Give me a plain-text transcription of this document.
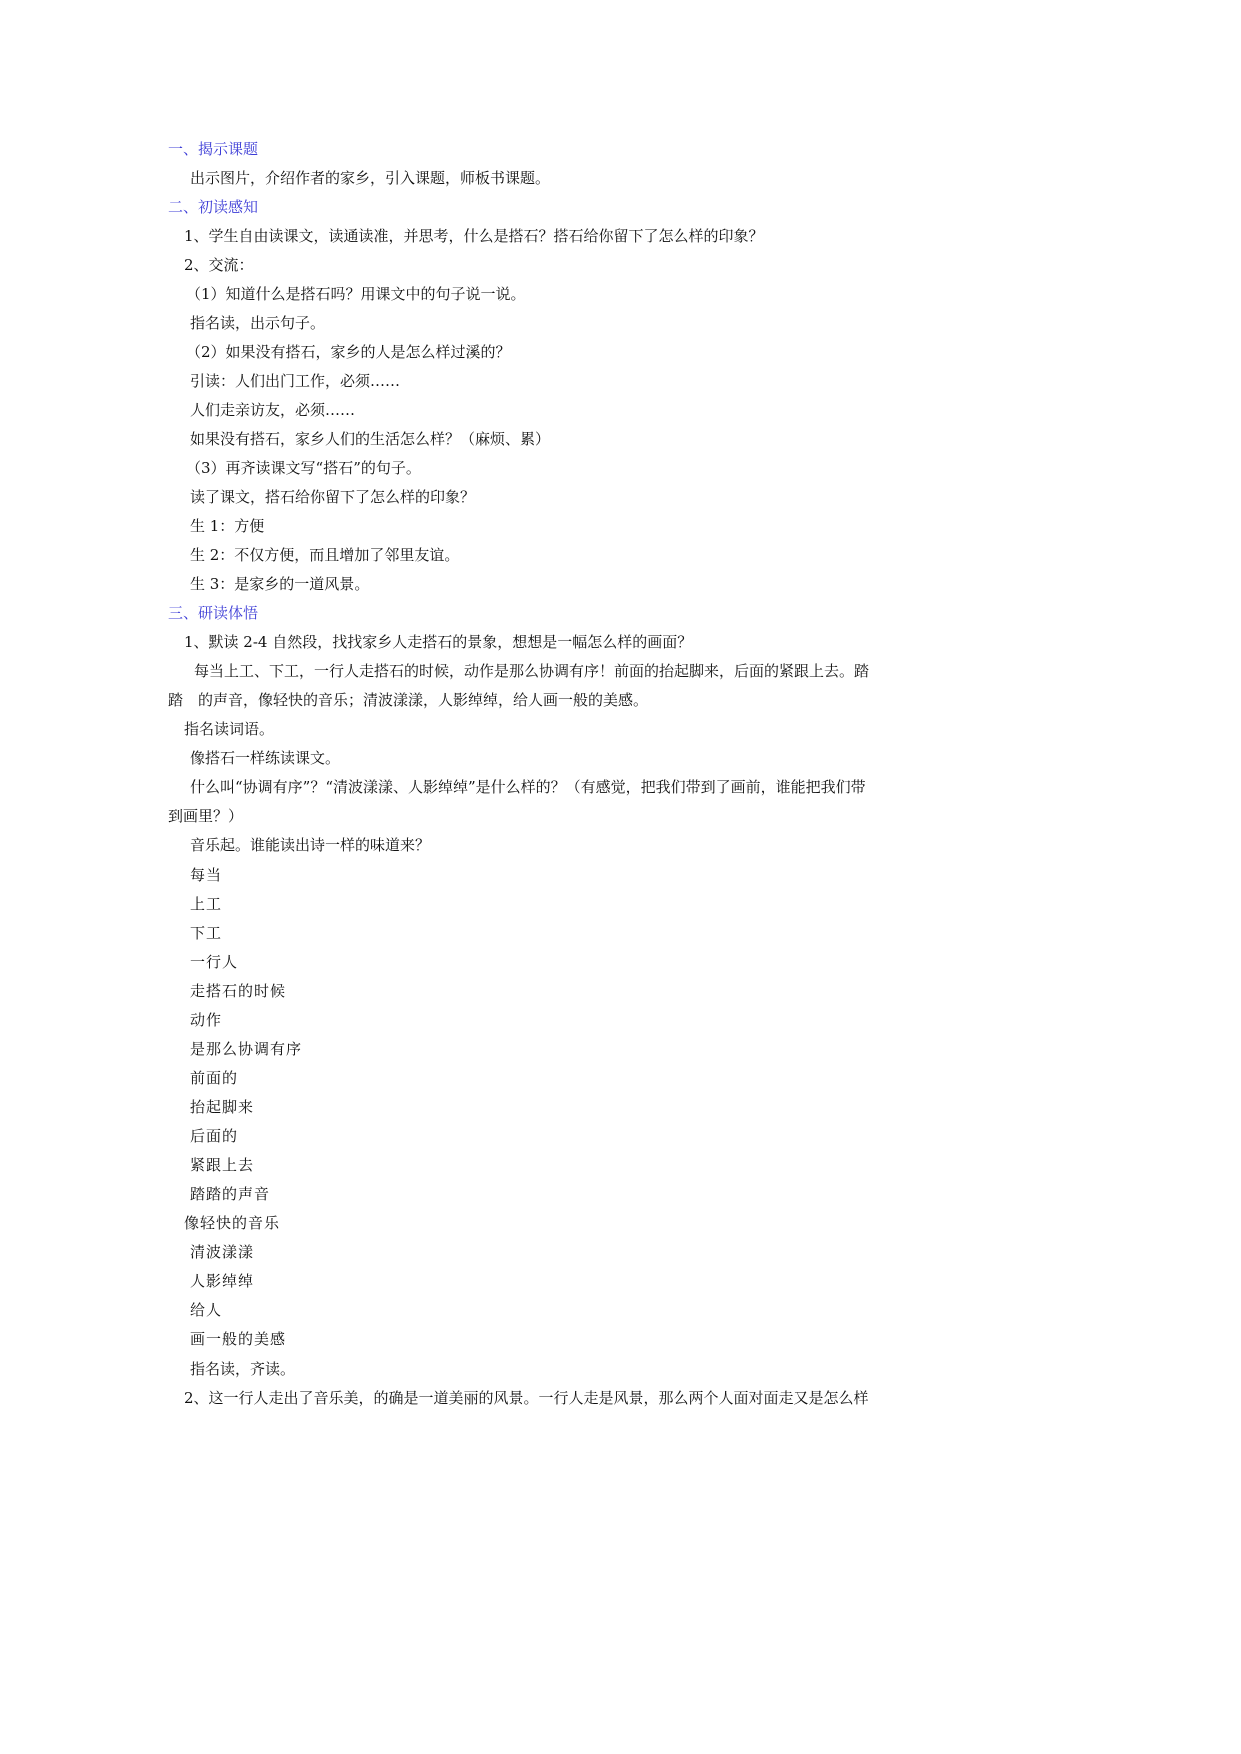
一、揭示课题
出示图片，介绍作者的家乡，引入课题，师板书课题。
二、初读感知
1、学生自由读课文，读通读准，并思考，什么是搭石？搭石给你留下了怎么样的印象？
2、交流：
（1）知道什么是搭石吗？用课文中的句子说一说。
指名读，出示句子。
（2）如果没有搭石，家乡的人是怎么样过溪的？
引读：人们出门工作，必须……
人们走亲访友，必须……
如果没有搭石，家乡人们的生活怎么样？（麻烦、累）
（3）再齐读课文写“搭石”的句子。
读了课文，搭石给你留下了怎么样的印象？
生 1：方便
生 2：不仅方便，而且增加了邻里友谊。
生 3：是家乡的一道风景。
三、研读体悟
1、默读 2-4 自然段，找找家乡人走搭石的景象，想想是一幅怎么样的画面？
每当上工、下工，一行人走搭石的时候，动作是那么协调有序！前面的抬起脚来，后面的紧跟上去。踏
踏　的声音，像轻快的音乐；清波漾漾，人影绰绰，给人画一般的美感。
指名读词语。
像搭石一样练读课文。
什么叫“协调有序”？“清波漾漾、人影绰绰”是什么样的？（有感觉，把我们带到了画前，谁能把我们带
到画里？）
音乐起。谁能读出诗一样的味道来？
每当
上工
下工
一行人
走搭石的时候
动作
是那么协调有序
前面的
抬起脚来
后面的
紧跟上去
踏踏的声音
像轻快的音乐
清波漾漾
人影绰绰
给人
画一般的美感
指名读，齐读。
2、这一行人走出了音乐美，的确是一道美丽的风景。一行人走是风景，那么两个人面对面走又是怎么样
